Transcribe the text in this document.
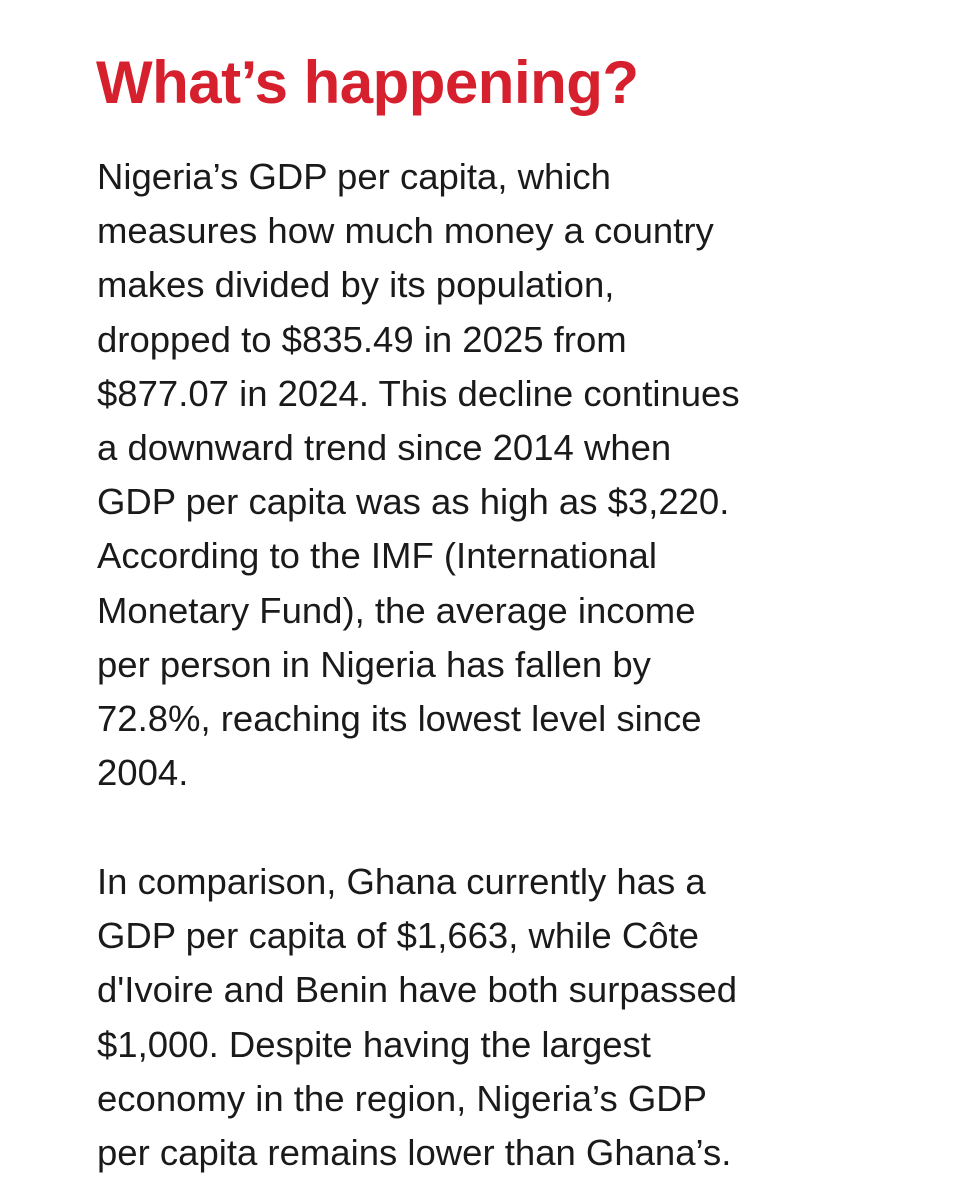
What’s happening?

Nigeria’s GDP per capita, which
measures how much money a country
makes divided by its population,
dropped to $835.49 in 2025 from
$877.07 in 2024. This decline continues
a downward trend since 2014 when
GDP per capita was as high as $3,220.
According to the IMF (International
Monetary Fund), the average income
per person in Nigeria has fallen by
72.8%, reaching its lowest level since
2004.

In comparison, Ghana currently has a
GDP per capita of $1,663, while Côte
d'Ivoire and Benin have both surpassed
$1,000. Despite having the largest
economy in the region, Nigeria’s GDP
per capita remains lower than Ghana’s.
